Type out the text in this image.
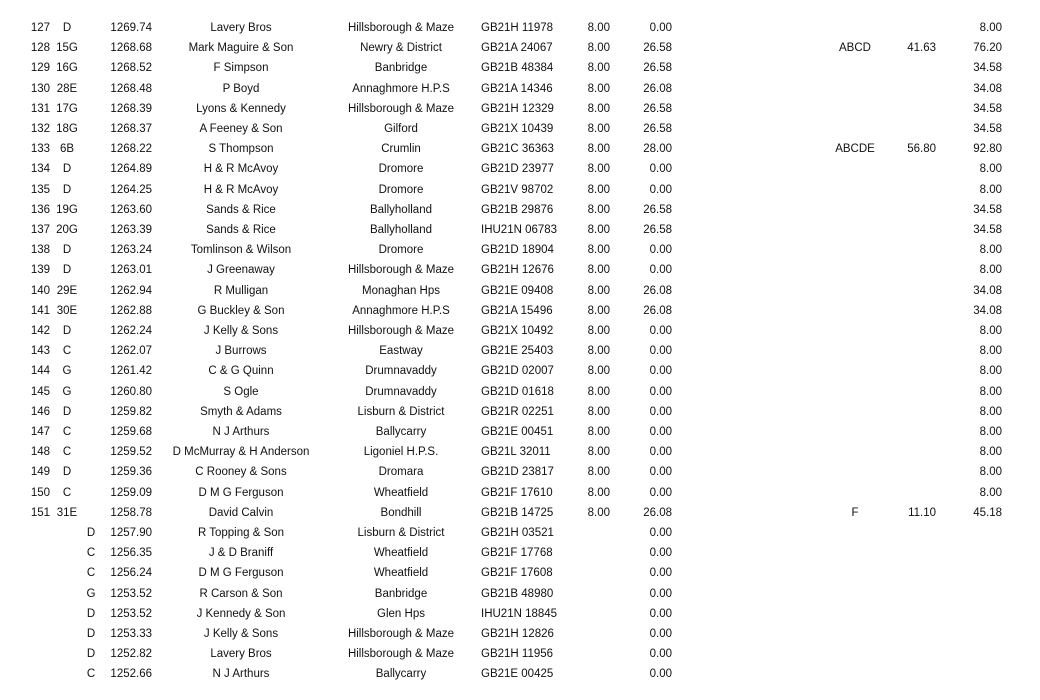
127	D	1269.74	Lavery Bros	Hillsborough & Maze	GB21H 11978	8.00	0.00	8.00
128 15G	1268.68	Mark Maguire & Son	Newry & District	GB21A 24067	8.00	26.58	ABCD	41.63	76.20
129 16G	1268.52	F Simpson	Banbridge	GB21B 48384	8.00	26.58	34.58
130 28E	1268.48	P Boyd	Annaghmore H.P.S	GB21A 14346	8.00	26.08	34.08
131 17G	1268.39	Lyons & Kennedy	Hillsborough & Maze	GB21H 12329	8.00	26.58	34.58
132 18G	1268.37	A Feeney & Son	Gilford	GB21X 10439	8.00	26.58	34.58
133 6B	1268.22	S Thompson	Crumlin	GB21C 36363	8.00	28.00	ABCDE	56.80	92.80
134	D	1264.89	H & R McAvoy	Dromore	GB21D 23977	8.00	0.00	8.00
135	D	1264.25	H & R McAvoy	Dromore	GB21V 98702	8.00	0.00	8.00
136 19G	1263.60	Sands & Rice	Ballyholland	GB21B 29876	8.00	26.58	34.58
137 20G	1263.39	Sands & Rice	Ballyholland	IHU21N 06783	8.00	26.58	34.58
138	D	1263.24	Tomlinson & Wilson	Dromore	GB21D 18904	8.00	0.00	8.00
139	D	1263.01	J Greenaway	Hillsborough & Maze	GB21H 12676	8.00	0.00	8.00
140 29E	1262.94	R Mulligan	Monaghan Hps	GB21E 09408	8.00	26.08	34.08
141 30E	1262.88	G Buckley & Son	Annaghmore H.P.S	GB21A 15496	8.00	26.08	34.08
142	D	1262.24	J Kelly & Sons	Hillsborough & Maze	GB21X 10492	8.00	0.00	8.00
143	C	1262.07	J Burrows	Eastway	GB21E 25403	8.00	0.00	8.00
144	G	1261.42	C & G Quinn	Drumnavaddy	GB21D 02007	8.00	0.00	8.00
145	G	1260.80	S Ogle	Drumnavaddy	GB21D 01618	8.00	0.00	8.00
146	D	1259.82	Smyth & Adams	Lisburn & District	GB21R 02251	8.00	0.00	8.00
147	C	1259.68	N J Arthurs	Ballycarry	GB21E 00451	8.00	0.00	8.00
148	C	1259.52	D McMurray & H Anderson	Ligoniel H.P.S.	GB21L 32011	8.00	0.00	8.00
149	D	1259.36	C Rooney & Sons	Dromara	GB21D 23817	8.00	0.00	8.00
150	C	1259.09	D M G Ferguson	Wheatfield	GB21F 17610	8.00	0.00	8.00
151 31E	1258.78	David Calvin	Bondhill	GB21B 14725	8.00	26.08	F	11.10	45.18
D	1257.90	R Topping & Son	Lisburn & District	GB21H 03521	0.00
C	1256.35	J & D Braniff	Wheatfield	GB21F 17768	0.00
C	1256.24	D M G Ferguson	Wheatfield	GB21F 17608	0.00
G	1253.52	R Carson & Son	Banbridge	GB21B 48980	0.00
D	1253.52	J Kennedy & Son	Glen Hps	IHU21N 18845	0.00
D	1253.33	J Kelly & Sons	Hillsborough & Maze	GB21H 12826	0.00
D	1252.82	Lavery Bros	Hillsborough & Maze	GB21H 11956	0.00
C	1252.66	N J Arthurs	Ballycarry	GB21E 00425	0.00
